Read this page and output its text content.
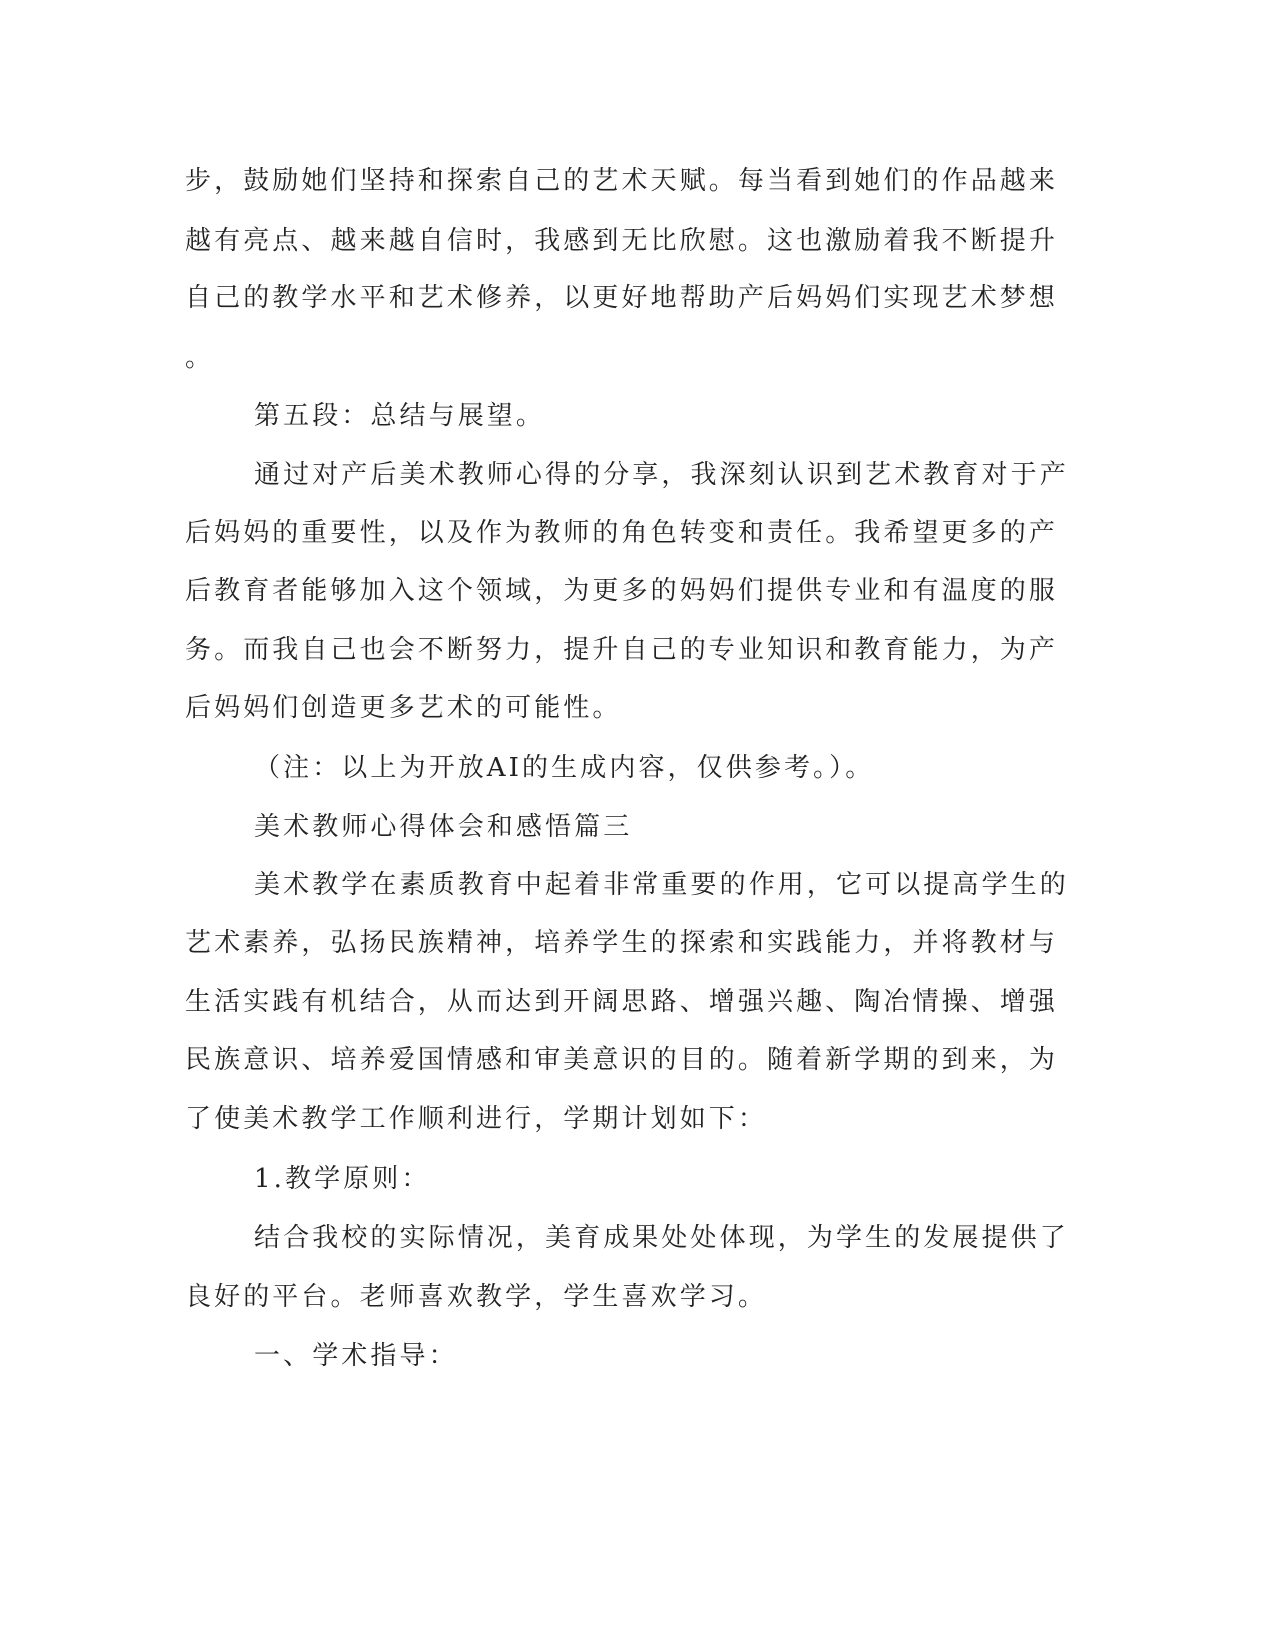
步，鼓励她们坚持和探索自己的艺术天赋。每当看到她们的作品越来
越有亮点、越来越自信时，我感到无比欣慰。这也激励着我不断提升
自己的教学水平和艺术修养，以更好地帮助产后妈妈们实现艺术梦想
。
第五段：总结与展望。
通过对产后美术教师心得的分享，我深刻认识到艺术教育对于产
后妈妈的重要性，以及作为教师的角色转变和责任。我希望更多的产
后教育者能够加入这个领域，为更多的妈妈们提供专业和有温度的服
务。而我自己也会不断努力，提升自己的专业知识和教育能力，为产
后妈妈们创造更多艺术的可能性。
（注：以上为开放AI的生成内容，仅供参考。）。
美术教师心得体会和感悟篇三
美术教学在素质教育中起着非常重要的作用，它可以提高学生的
艺术素养，弘扬民族精神，培养学生的探索和实践能力，并将教材与
生活实践有机结合，从而达到开阔思路、增强兴趣、陶冶情操、增强
民族意识、培养爱国情感和审美意识的目的。随着新学期的到来，为
了使美术教学工作顺利进行，学期计划如下：
1.教学原则：
结合我校的实际情况，美育成果处处体现，为学生的发展提供了
良好的平台。老师喜欢教学，学生喜欢学习。
一、学术指导：
